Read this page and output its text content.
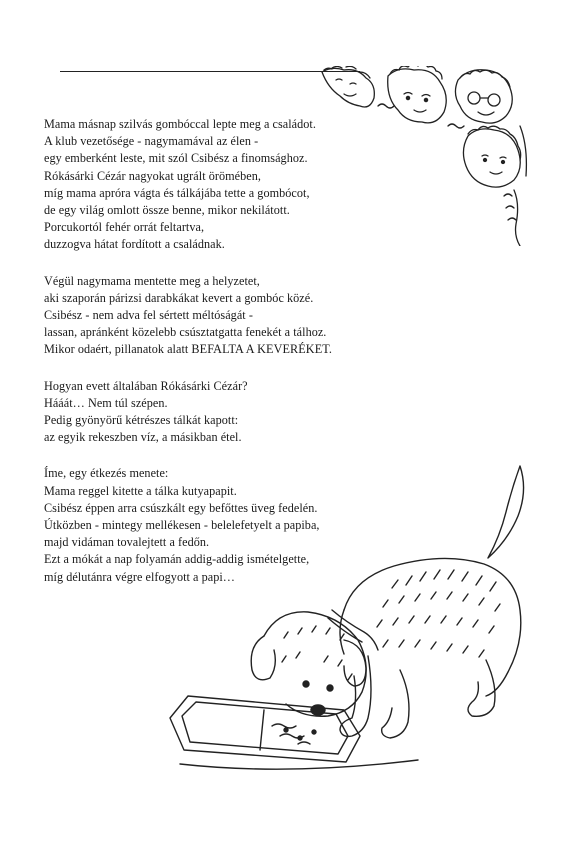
Mama másnap szilvás gombóccal lepte meg a családot.
A klub vezetősége - nagymamával az élen -
egy emberként leste, mit szól Csibész a finomsághoz.
Rókásárki Cézár nagyokat ugrált örömében,
míg mama apróra vágta és tálkájába tette a gombócot,
de egy világ omlott össze benne, mikor nekilátott.
Porcukortól fehér orrát feltartva,
duzzogva hátat fordított a családnak.
Végül nagymama mentette meg a helyzetet,
aki szaporán párizsi darabkákat kevert a gombóc közé.
Csibész - nem adva fel sértett méltóságát -
lassan, apránként közelebb csúsztatgatta fenekét a tálhoz.
Mikor odaért, pillanatok alatt BEFALTA A KEVERÉKET.
Hogyan evett általában Rókásárki Cézár?
Hááát… Nem túl szépen.
Pedig gyönyörű kétrészes tálkát kapott:
az egyik rekeszben víz, a másikban étel.
Íme, egy étkezés menete:
Mama reggel kitette a tálka kutyapapit.
Csibész éppen arra csúszkált egy befőttes üveg fedelén.
Útközben - mintegy mellékesen - belelefetyelt a papiba,
majd vidáman tovalejtett a fedőn.
Ezt a mókát a nap folyamán addig-addig ismételgette,
míg délutánra végre elfogyott a papi…
